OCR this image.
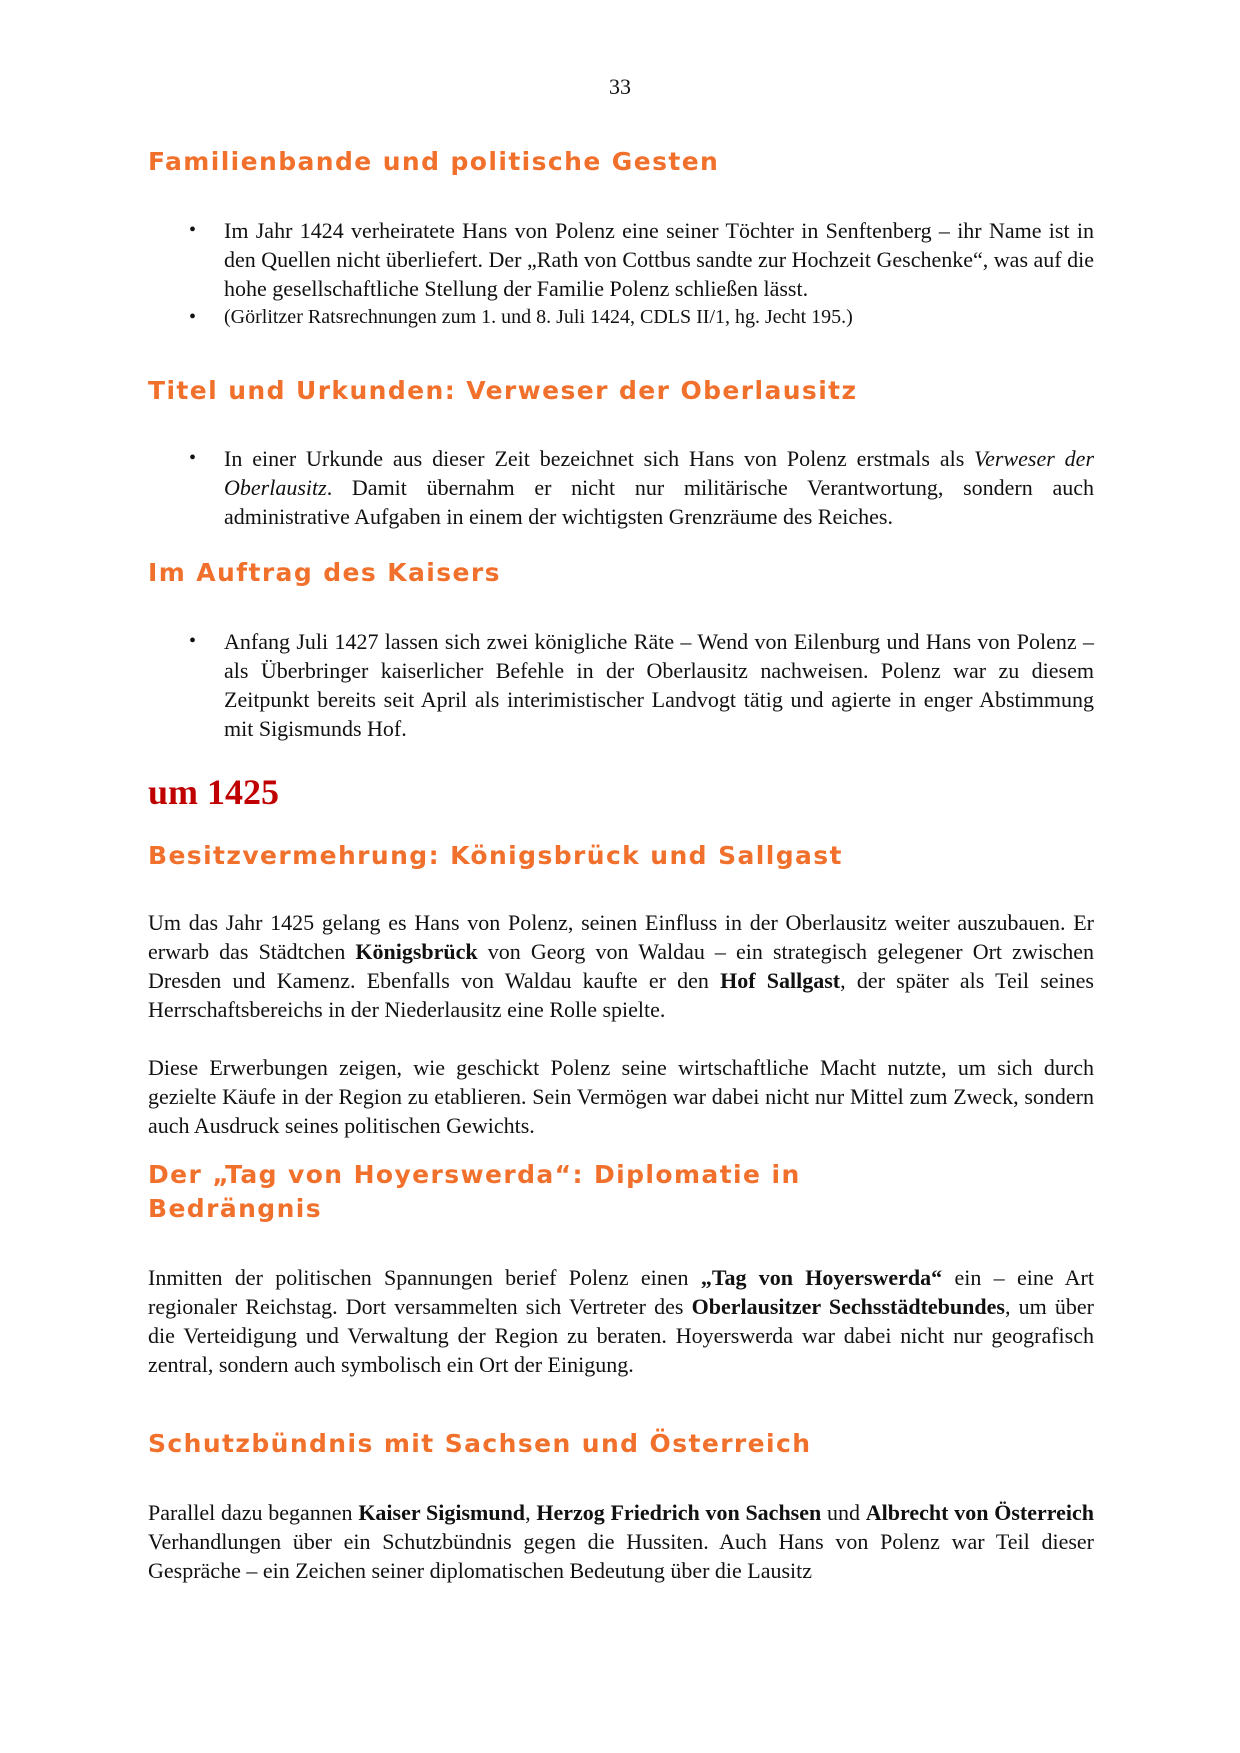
33
Familienbande und politische Gesten
• Im Jahr 1424 verheiratete Hans von Polenz eine seiner Töchter in Senftenberg – ihr Name ist in den Quellen nicht überliefert. Der „Rath von Cottbus sandte zur Hochzeit Geschenke“, was auf die hohe gesellschaftliche Stellung der Familie Polenz schließen lässt.
• (Görlitzer Ratsrechnungen zum 1. und 8. Juli 1424, CDLS II/1, hg. Jecht 195.)
Titel und Urkunden: Verweser der Oberlausitz
• In einer Urkunde aus dieser Zeit bezeichnet sich Hans von Polenz erstmals als Verweser der Oberlausitz. Damit übernahm er nicht nur militärische Verantwortung, sondern auch administrative Aufgaben in einem der wichtigsten Grenzräume des Reiches.
Im Auftrag des Kaisers
• Anfang Juli 1427 lassen sich zwei königliche Räte – Wend von Eilenburg und Hans von Polenz – als Überbringer kaiserlicher Befehle in der Oberlausitz nachweisen. Polenz war zu diesem Zeitpunkt bereits seit April als interimistischer Landvogt tätig und agierte in enger Abstimmung mit Sigismunds Hof.
um 1425
Besitzvermehrung: Königsbrück und Sallgast

Um das Jahr 1425 gelang es Hans von Polenz, seinen Einfluss in der Oberlausitz weiter auszubauen. Er erwarb das Städtchen Königsbrück von Georg von Waldau – ein strategisch gelegener Ort zwischen Dresden und Kamenz. Ebenfalls von Waldau kaufte er den Hof Sallgast, der später als Teil seines Herrschaftsbereichs in der Niederlausitz eine Rolle spielte.

Diese Erwerbungen zeigen, wie geschickt Polenz seine wirtschaftliche Macht nutzte, um sich durch gezielte Käufe in der Region zu etablieren. Sein Vermögen war dabei nicht nur Mittel zum Zweck, sondern auch Ausdruck seines politischen Gewichts.

Der „Tag von Hoyerswerda“: Diplomatie in Bedrängnis

Inmitten der politischen Spannungen berief Polenz einen „Tag von Hoyerswerda“ ein – eine Art regionaler Reichstag. Dort versammelten sich Vertreter des Oberlausitzer Sechsstädtebundes, um über die Verteidigung und Verwaltung der Region zu beraten. Hoyerswerda war dabei nicht nur geografisch zentral, sondern auch symbolisch ein Ort der Einigung.

Schutzbündnis mit Sachsen und Österreich

Parallel dazu begannen Kaiser Sigismund, Herzog Friedrich von Sachsen und Albrecht von Österreich Verhandlungen über ein Schutzbündnis gegen die Hussiten. Auch Hans von Polenz war Teil dieser Gespräche – ein Zeichen seiner diplomatischen Bedeutung über die Lausitz
